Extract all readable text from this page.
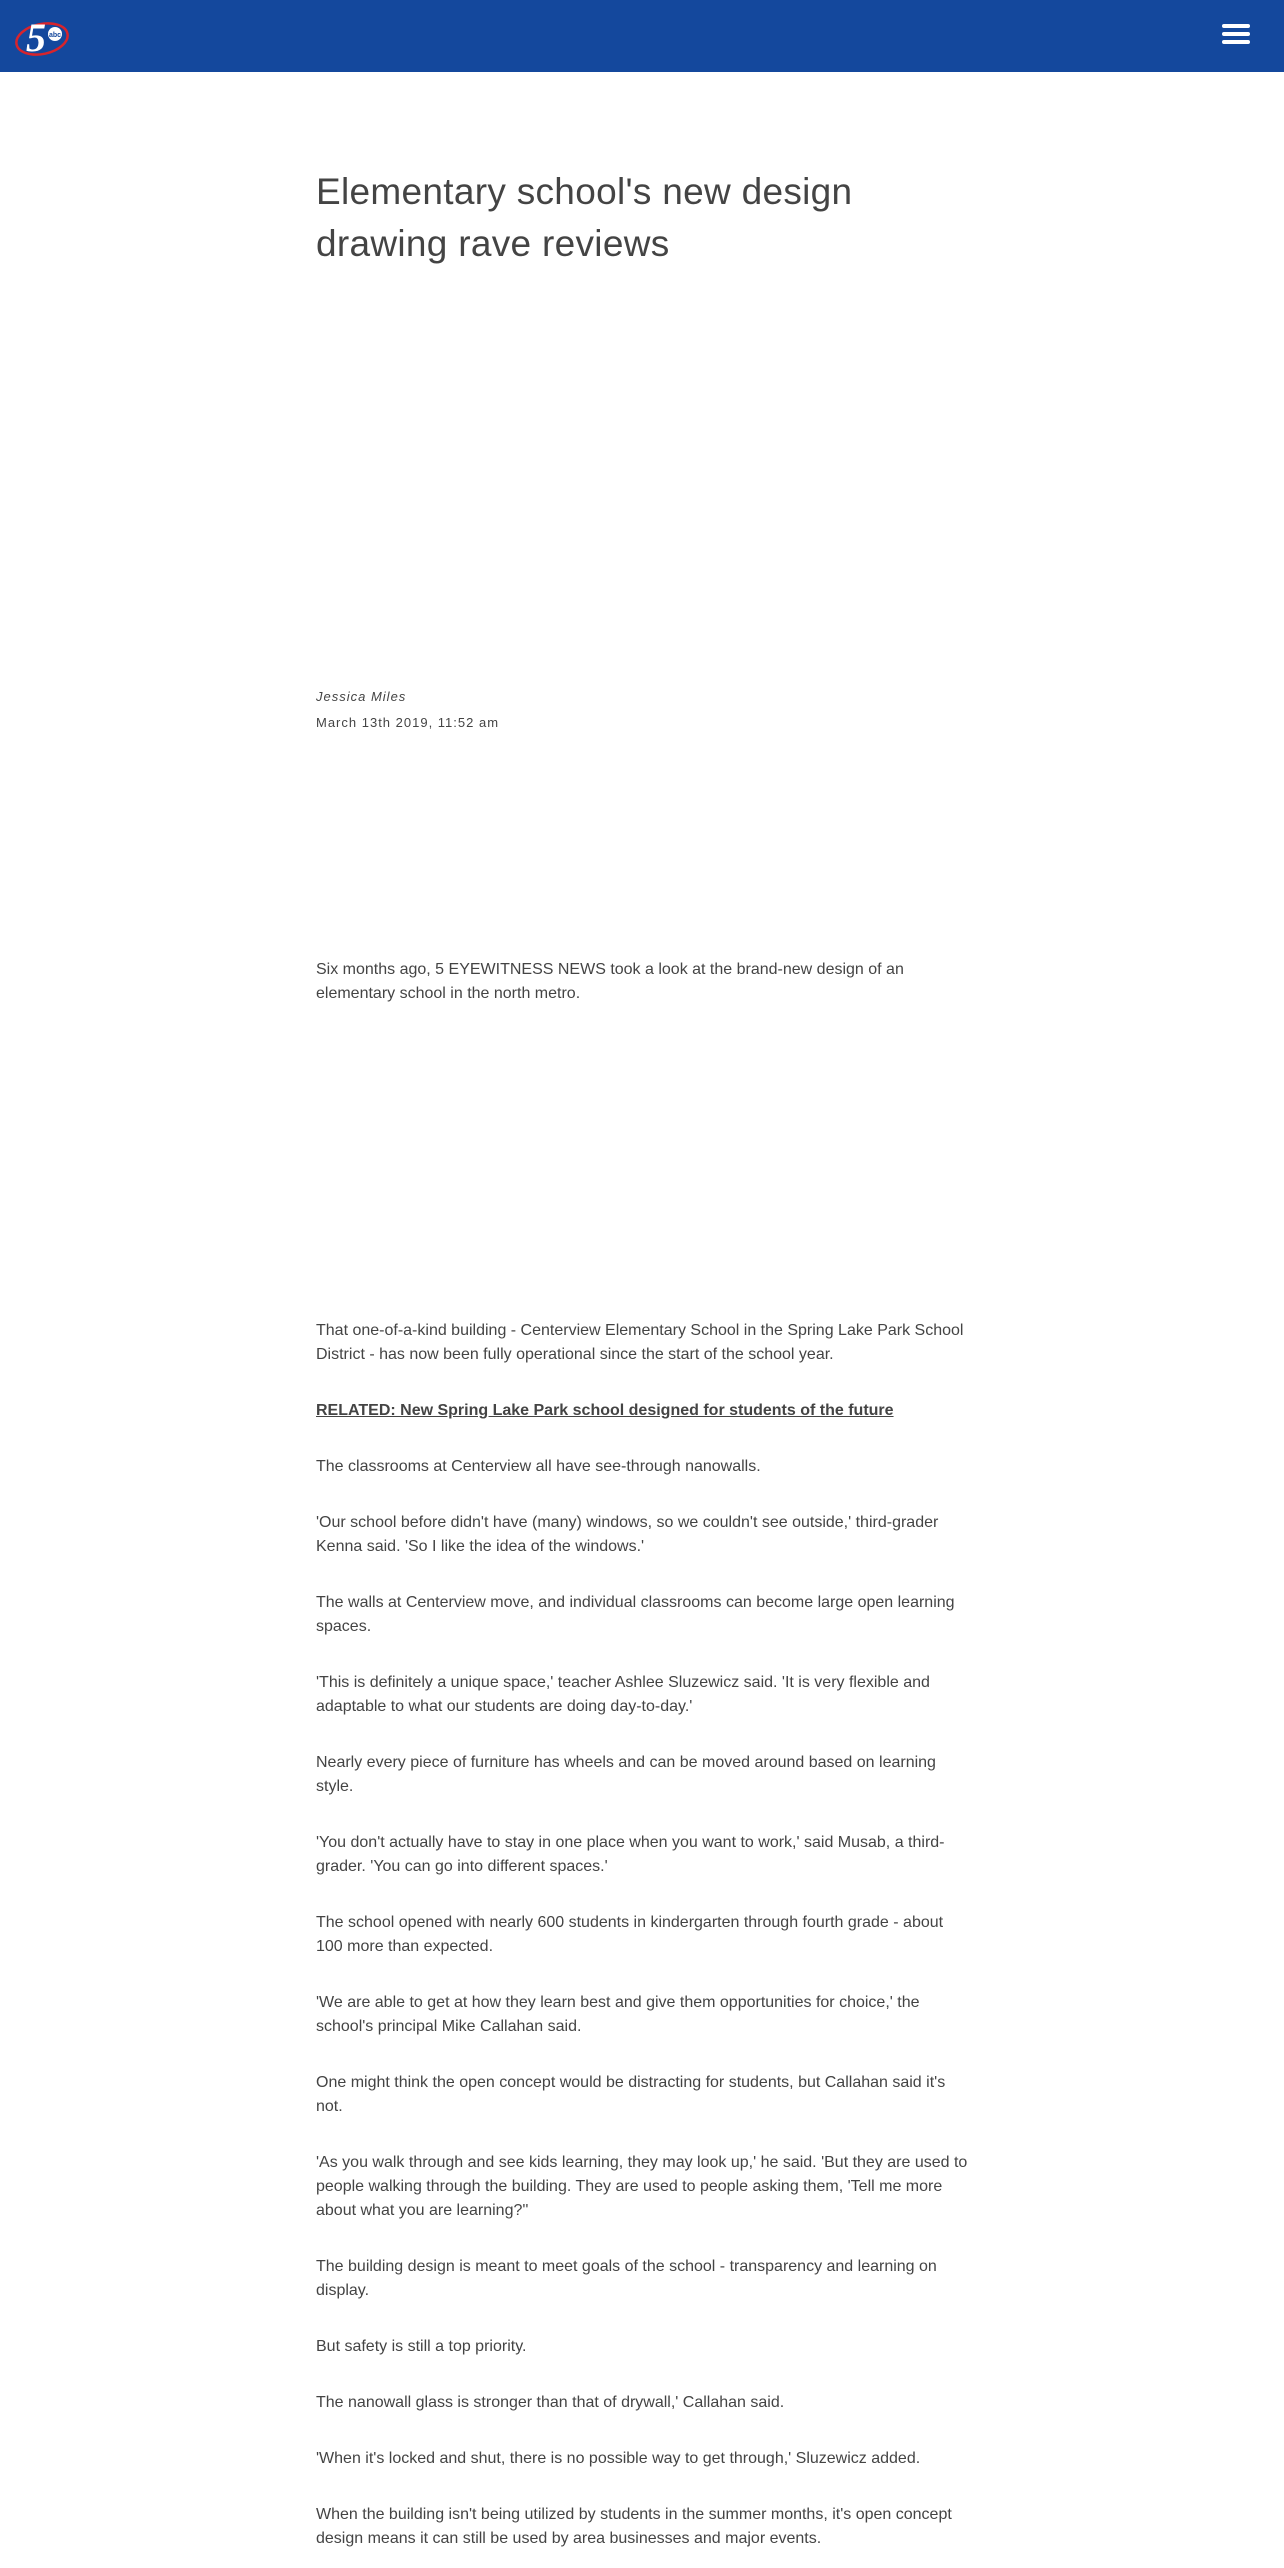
5 abc
Elementary school's new design drawing rave reviews
Jessica Miles
March 13th 2019, 11:52 am

Six months ago, 5 EYEWITNESS NEWS took a look at the brand-new design of an elementary school in the north metro.

That one-of-a-kind building - Centerview Elementary School in the Spring Lake Park School District - has now been fully operational since the start of the school year.

RELATED: New Spring Lake Park school designed for students of the future

The classrooms at Centerview all have see-through nanowalls.

'Our school before didn't have (many) windows, so we couldn't see outside,' third-grader Kenna said. 'So I like the idea of the windows.'

The walls at Centerview move, and individual classrooms can become large open learning spaces.

'This is definitely a unique space,' teacher Ashlee Sluzewicz said. 'It is very flexible and adaptable to what our students are doing day-to-day.'

Nearly every piece of furniture has wheels and can be moved around based on learning style.

'You don't actually have to stay in one place when you want to work,' said Musab, a third-grader. 'You can go into different spaces.'

The school opened with nearly 600 students in kindergarten through fourth grade - about 100 more than expected.

'We are able to get at how they learn best and give them opportunities for choice,' the school's principal Mike Callahan said.

One might think the open concept would be distracting for students, but Callahan said it's not.

'As you walk through and see kids learning, they may look up,' he said. 'But they are used to people walking through the building. They are used to people asking them, 'Tell me more about what you are learning?''

The building design is meant to meet goals of the school - transparency and learning on display.

But safety is still a top priority.

The nanowall glass is stronger than that of drywall,' Callahan said.

'When it's locked and shut, there is no possible way to get through,' Sluzewicz added.

When the building isn't being utilized by students in the summer months, it's open concept design means it can still be used by area businesses and major events.
